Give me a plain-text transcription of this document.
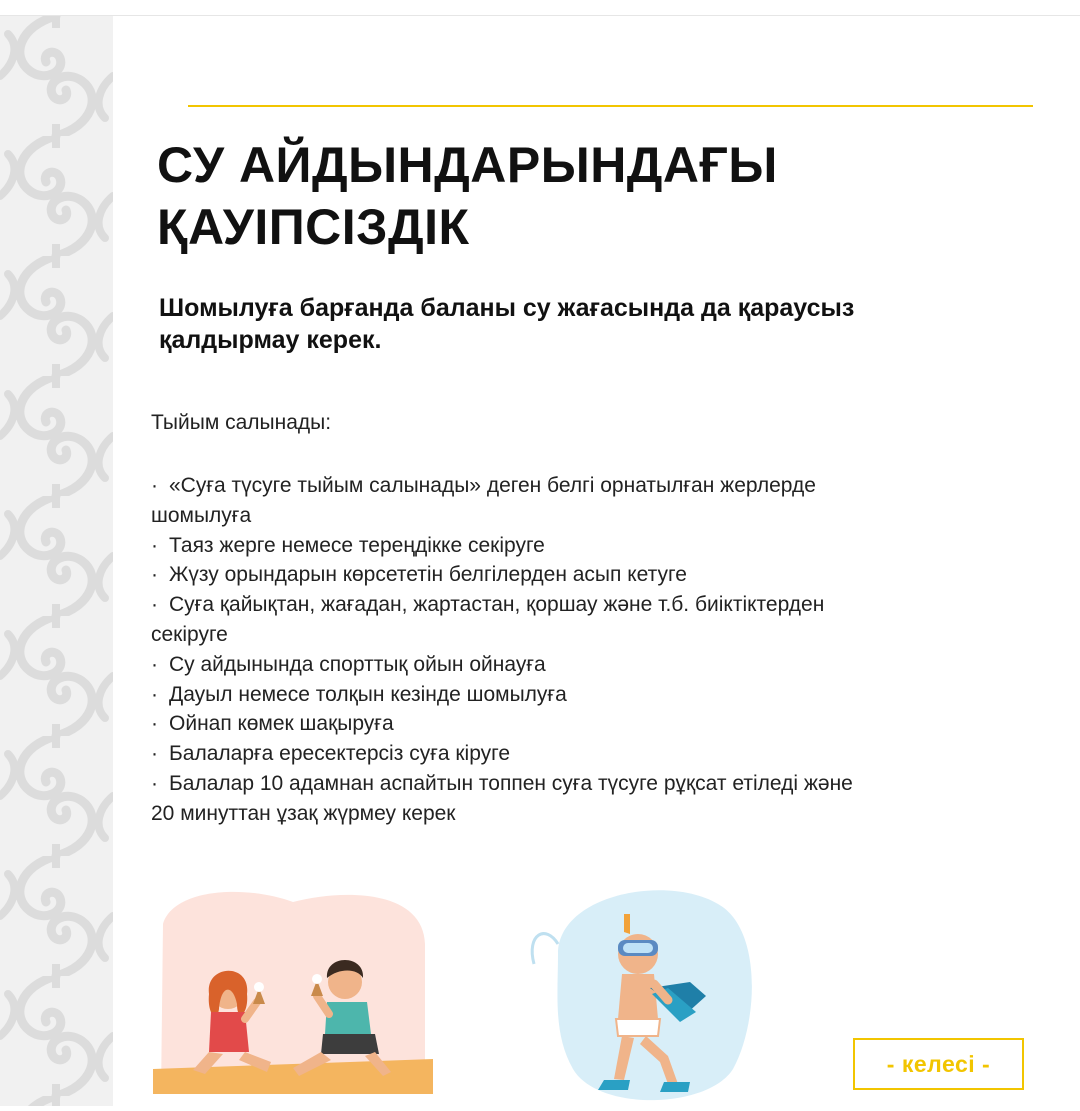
СУ АЙДЫНДАРЫНДАҒЫ
ҚАУІПСІЗДІК
Шомылуға барғанда баланы су жағасында да қараусыз
қалдырмау керек.
Тыйым салынады:
· «Суға түсуге тыйым салынады» деген белгі орнатылған жерлерде
шомылуға
· Таяз жерге немесе тереңдікке секіруге
· Жүзу орындарын көрсететін белгілерден асып кетуге
· Суға қайықтан, жағадан, жартастан, қоршау және т.б. биіктіктерден
секіруге
· Су айдынында спорттық ойын ойнауға
· Дауыл немесе толқын кезінде шомылуға
· Ойнап көмек шақыруға
· Балаларға ересектерсіз суға кіруге
· Балалар 10 адамнан аспайтын топпен суға түсуге рұқсат етіледі және
20 минуттан ұзақ жүрмеу керек
- келесі -
